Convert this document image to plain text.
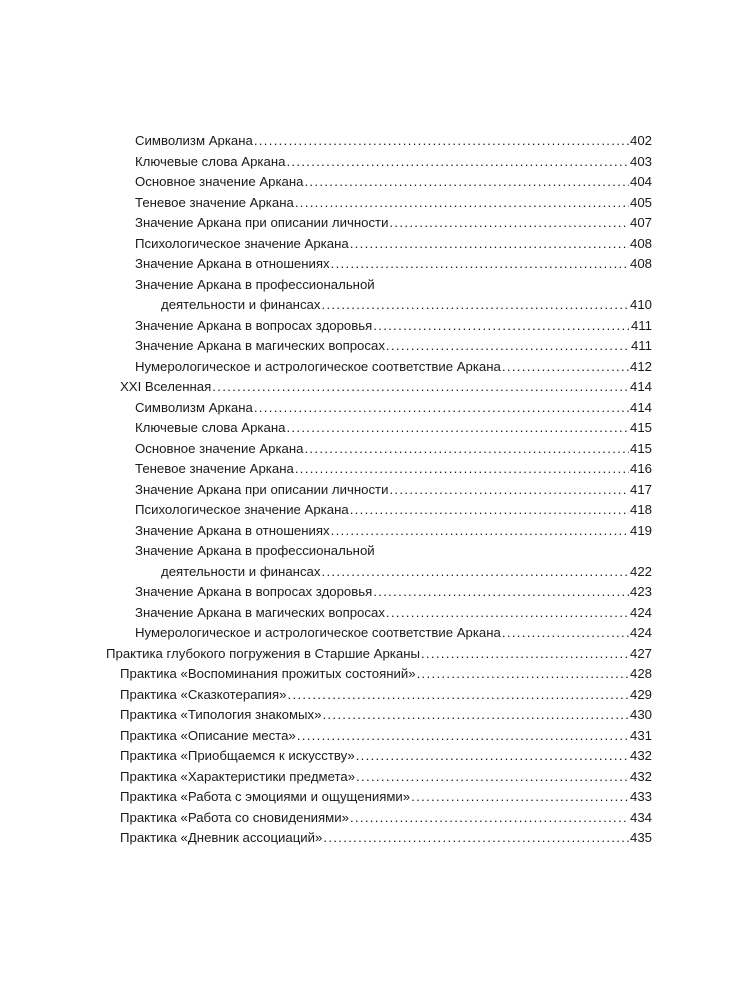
Символизм Аркана .....	402
Ключевые слова Аркана .....	403
Основное значение Аркана .....	404
Теневое значение Аркана .....	405
Значение Аркана при описании личности .....	407
Психологическое значение Аркана .....	408
Значение Аркана в отношениях .....	408
Значение Аркана в профессиональной
деятельности и финансах .....	410
Значение Аркана в вопросах здоровья .....	411
Значение Аркана в магических вопросах .....	411
Нумерологическое и астрологическое соответствие Аркана .....	412
XXI Вселенная .....	414
Символизм Аркана .....	414
Ключевые слова Аркана .....	415
Основное значение Аркана .....	415
Теневое значение Аркана .....	416
Значение Аркана при описании личности .....	417
Психологическое значение Аркана .....	418
Значение Аркана в отношениях .....	419
Значение Аркана в профессиональной
деятельности и финансах .....	422
Значение Аркана в вопросах здоровья .....	423
Значение Аркана в магических вопросах .....	424
Нумерологическое и астрологическое соответствие Аркана .....	424
Практика глубокого погружения в Старшие Арканы .....	427
Практика «Воспоминания прожитых состояний» .....	428
Практика «Сказкотерапия» .....	429
Практика «Типология знакомых» .....	430
Практика «Описание места» .....	431
Практика «Приобщаемся к искусству» .....	432
Практика «Характеристики предмета» .....	432
Практика «Работа с эмоциями и ощущениями» .....	433
Практика «Работа со сновидениями» .....	434
Практика «Дневник ассоциаций» .....	435
